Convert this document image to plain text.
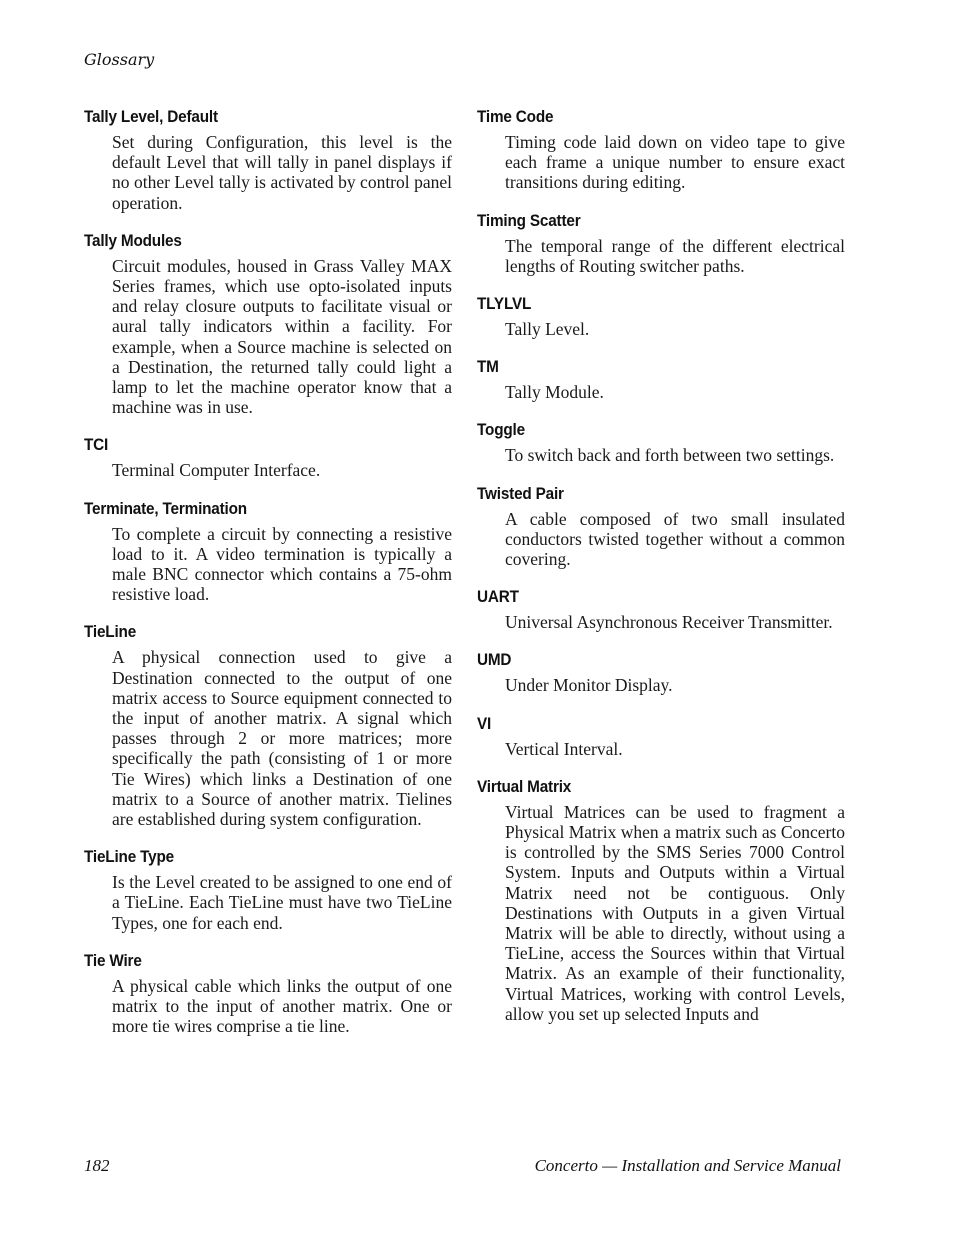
Glossary
Tally Level, Default
Set during Configuration, this level is the default Level that will tally in panel displays if no other Level tally is activated by control panel operation.
Tally Modules
Circuit modules, housed in Grass Valley MAX Series frames, which use opto-isolated inputs and relay closure outputs to facilitate visual or aural tally indicators within a facility. For example, when a Source machine is selected on a Destination, the returned tally could light a lamp to let the machine operator know that a machine was in use.
TCI
Terminal Computer Interface.
Terminate, Termination
To complete a circuit by connecting a resistive load to it. A video termination is typically a male BNC connector which contains a 75-ohm resistive load.
TieLine
A physical connection used to give a Destination connected to the output of one matrix access to Source equipment connected to the input of another matrix. A signal which passes through 2 or more matrices; more specifically the path (consisting of 1 or more Tie Wires) which links a Destination of one matrix to a Source of another matrix. Tielines are established during system configuration.
TieLine Type
Is the Level created to be assigned to one end of a TieLine. Each TieLine must have two TieLine Types, one for each end.
Tie Wire
A physical cable which links the output of one matrix to the input of another matrix. One or more tie wires comprise a tie line.
Time Code
Timing code laid down on video tape to give each frame a unique number to ensure exact transitions during editing.
Timing Scatter
The temporal range of the different electrical lengths of Routing switcher paths.
TLYLVL
Tally Level.
TM
Tally Module.
Toggle
To switch back and forth between two settings.
Twisted Pair
A cable composed of two small insulated conductors twisted together without a common covering.
UART
Universal Asynchronous Receiver Transmitter.
UMD
Under Monitor Display.
VI
Vertical Interval.
Virtual Matrix
Virtual Matrices can be used to fragment a Physical Matrix when a matrix such as Concerto is controlled by the SMS Series 7000 Control System. Inputs and Outputs within a Virtual Matrix need not be contiguous. Only Destinations with Outputs in a given Virtual Matrix will be able to directly, without using a TieLine, access the Sources within that Virtual Matrix. As an example of their functionality, Virtual Matrices, working with control Levels, allow you set up selected Inputs and
182	Concerto — Installation and Service Manual
